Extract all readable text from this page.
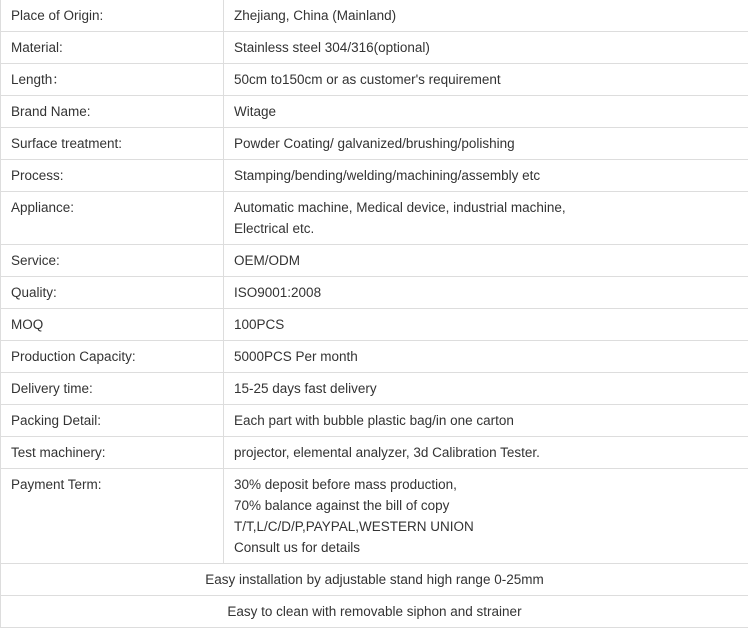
Place of Origin:	Zhejiang, China (Mainland)

Material:	Stainless steel 304/316(optional)

Length：	50cm to150cm or as customer's requirement

Brand Name:	Witage

Surface treatment:	Powder Coating/ galvanized/brushing/polishing

Process:	Stamping/bending/welding/machining/assembly etc

Appliance:	Automatic machine, Medical device, industrial machine,
Electrical etc.

Service:	OEM/ODM

Quality:	ISO9001:2008

MOQ	100PCS

Production Capacity:	5000PCS Per month

Delivery time:	15-25 days fast delivery

Packing Detail:	Each part with bubble plastic bag/in one carton

Test machinery:	projector, elemental analyzer, 3d Calibration Tester.

Payment Term:	30% deposit before mass production,
70% balance against the bill of copy
T/T,L/C/D/P,PAYPAL,WESTERN UNION
Consult us for details

Easy installation by adjustable stand high range 0-25mm	
Easy to clean with removable siphon and strainer	
